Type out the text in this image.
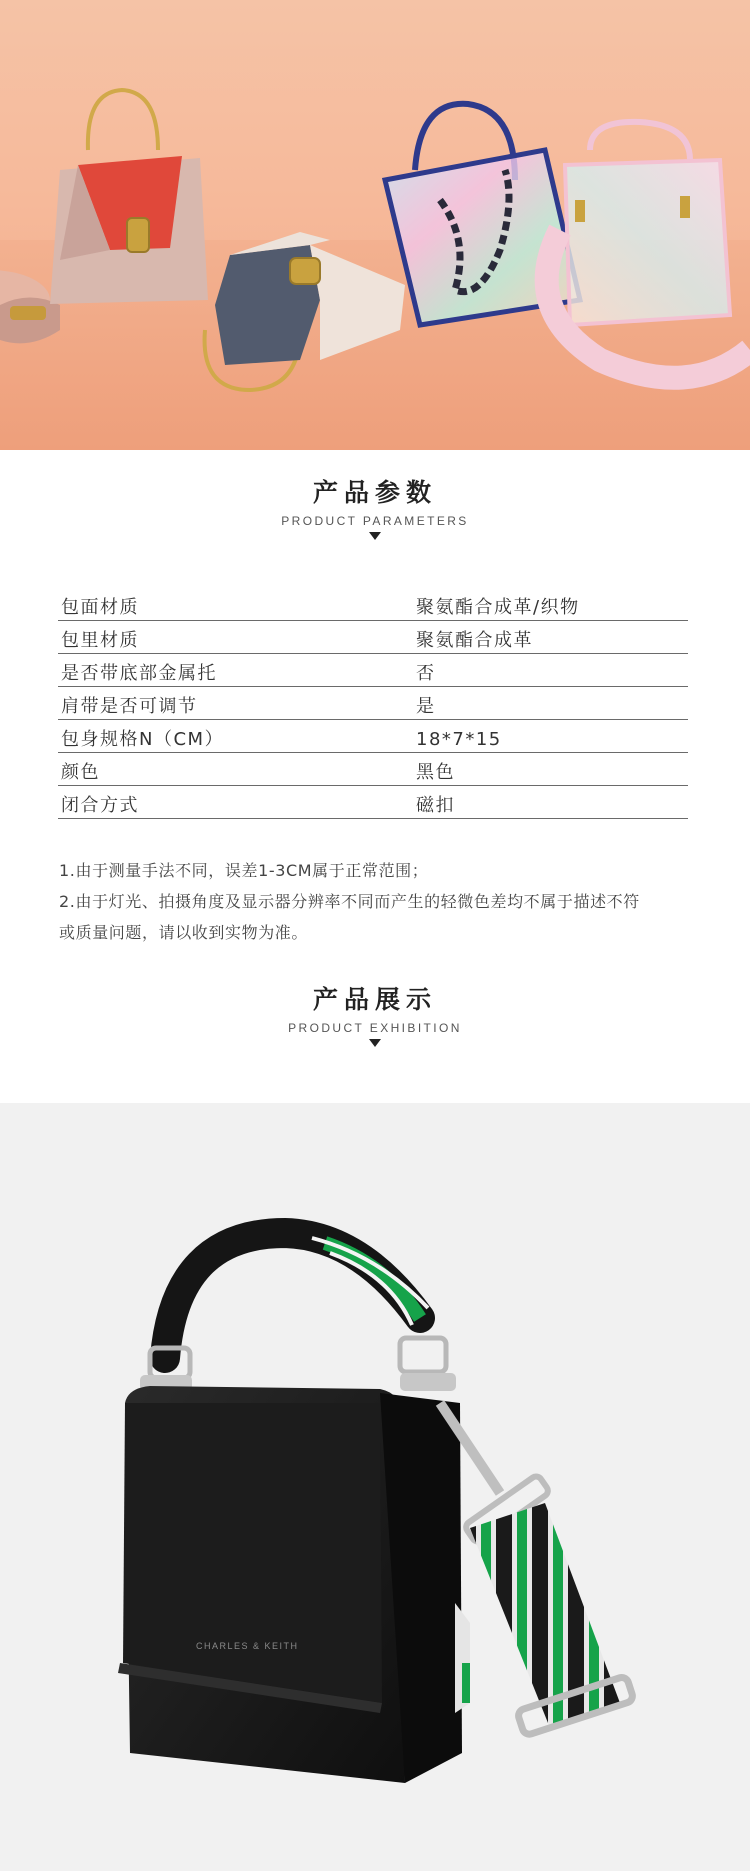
产品参数
PRODUCT PARAMETERS
包面材质	聚氨酯合成革/织物
包里材质	聚氨酯合成革
是否带底部金属托	否
肩带是否可调节	是
包身规格N（CM）	18*7*15
颜色	黑色
闭合方式	磁扣

1.由于测量手法不同，误差1-3CM属于正常范围；

2.由于灯光、拍摄角度及显示器分辨率不同而产生的轻微色差均不属于描述不符

或质量问题，请以收到实物为准。

产品展示
PRODUCT EXHIBITION
CHARLES & KEITH
